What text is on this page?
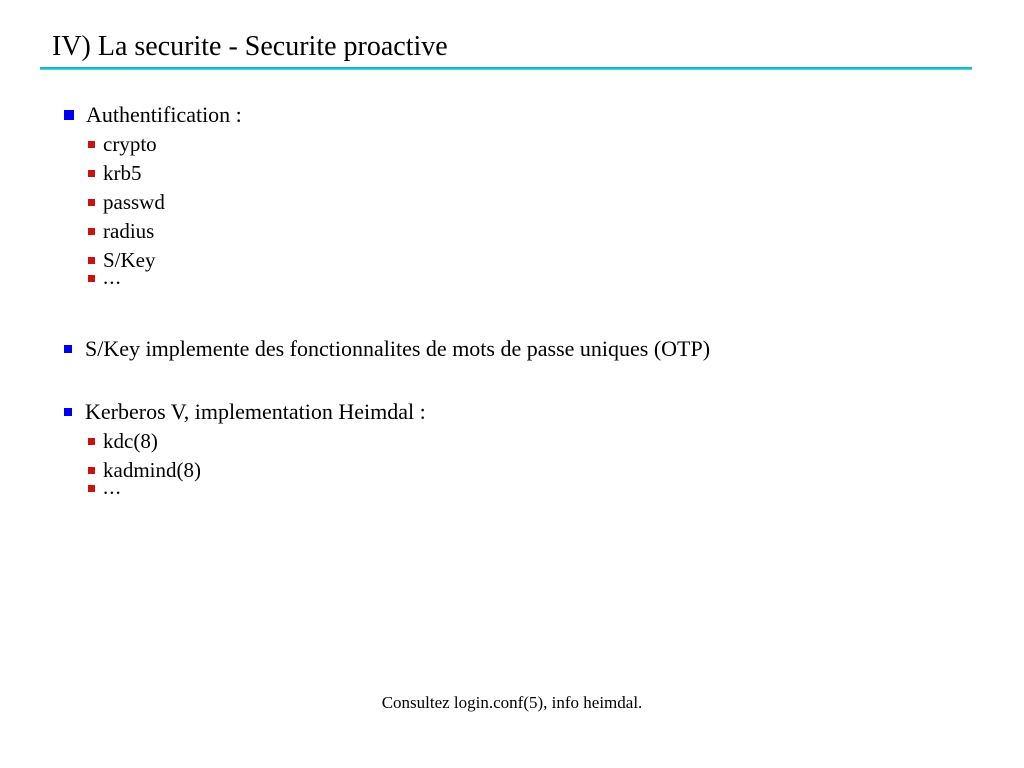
IV) La securite - Securite proactive
Authentification :
crypto
krb5
passwd
radius
S/Key
...
S/Key implemente des fonctionnalites de mots de passe uniques (OTP)
Kerberos V, implementation Heimdal :
kdc(8)
kadmind(8)
...
Consultez login.conf(5), info heimdal.
